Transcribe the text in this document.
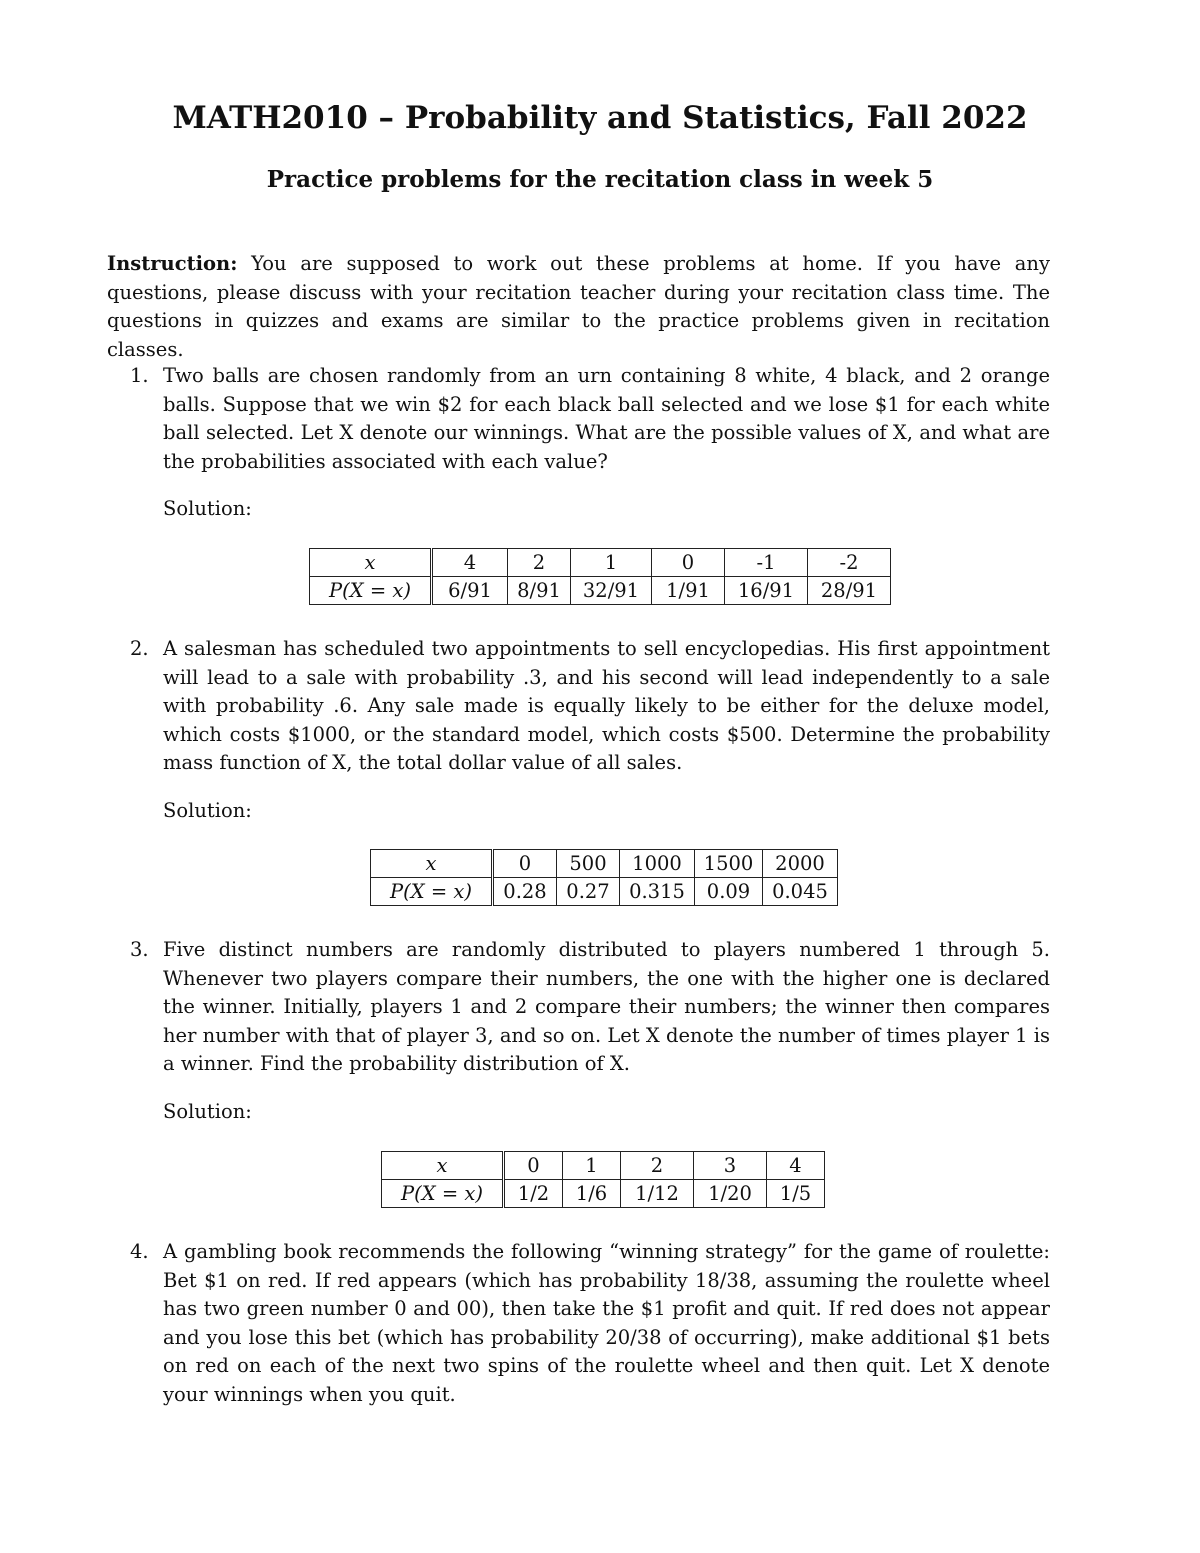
MATH2010 – Probability and Statistics, Fall 2022
Practice problems for the recitation class in week 5

Instruction: You are supposed to work out these problems at home. If you have any questions, please discuss with your recitation teacher during your recitation class time. The questions in quizzes and exams are similar to the practice problems given in recitation classes.

1. Two balls are chosen randomly from an urn containing 8 white, 4 black, and 2 orange balls. Suppose that we win $2 for each black ball selected and we lose $1 for each white ball selected. Let X denote our winnings. What are the possible values of X, and what are the probabilities associated with each value?
Solution:
x	4	2	1	0	-1	-2
P(X = x)	6/91	8/91	32/91	1/91	16/91	28/91
2. A salesman has scheduled two appointments to sell encyclopedias. His first appointment will lead to a sale with probability .3, and his second will lead independently to a sale with probability .6. Any sale made is equally likely to be either for the deluxe model, which costs $1000, or the standard model, which costs $500. Determine the probability mass function of X, the total dollar value of all sales.
Solution:
x	0	500	1000	1500	2000
P(X = x)	0.28	0.27	0.315	0.09	0.045
3. Five distinct numbers are randomly distributed to players numbered 1 through 5. Whenever two players compare their numbers, the one with the higher one is declared the winner. Initially, players 1 and 2 compare their numbers; the winner then compares her number with that of player 3, and so on. Let X denote the number of times player 1 is a winner. Find the probability distribution of X.
Solution:
x	0	1	2	3	4
P(X = x)	1/2	1/6	1/12	1/20	1/5
4. A gambling book recommends the following “winning strategy” for the game of roulette: Bet $1 on red. If red appears (which has probability 18/38, assuming the roulette wheel has two green number 0 and 00), then take the $1 profit and quit. If red does not appear and you lose this bet (which has probability 20/38 of occurring), make additional $1 bets on red on each of the next two spins of the roulette wheel and then quit. Let X denote your winnings when you quit.
